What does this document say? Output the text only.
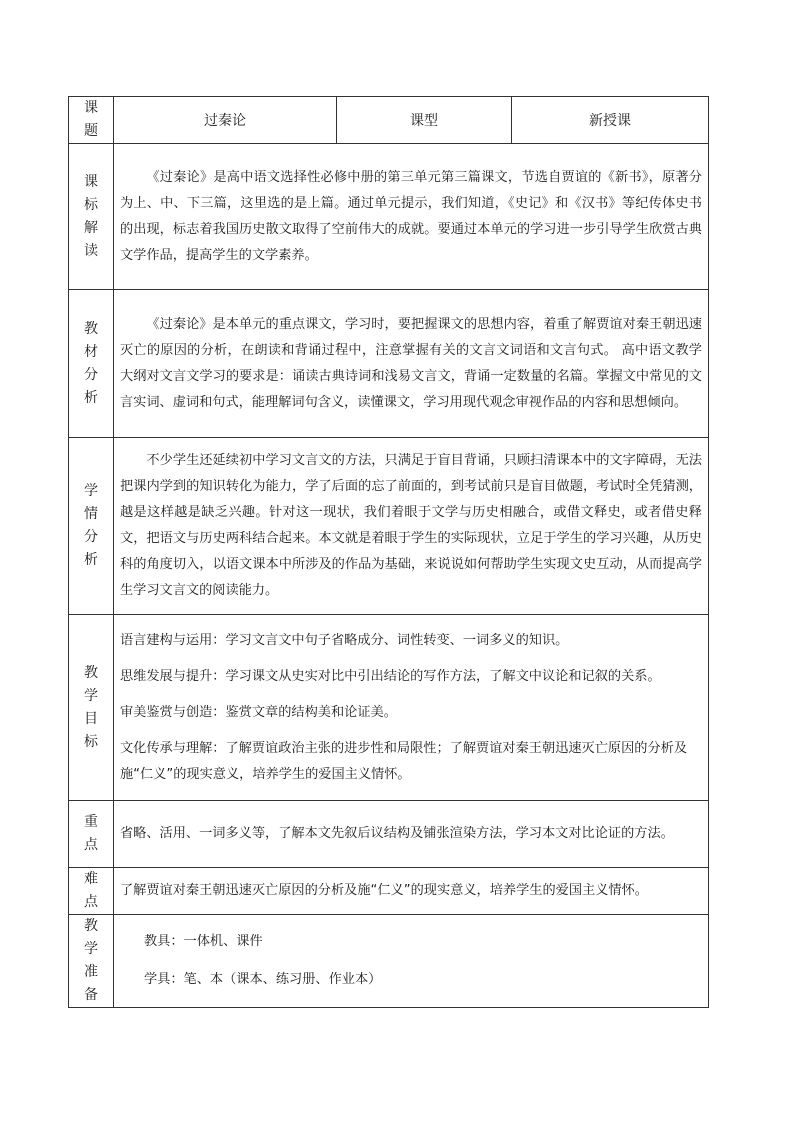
课题	过秦论	课型	新授课
课标解读	《过秦论》是高中语文选择性必修中册的第三单元第三篇课文，节选自贾谊的《新书》，原著分为上、中、下三篇，这里选的是上篇。通过单元提示，我们知道，《史记》和《汉书》等纪传体史书的出现，标志着我国历史散文取得了空前伟大的成就。要通过本单元的学习进一步引导学生欣赏古典文学作品，提高学生的文学素养。		

教材分析	《过秦论》是本单元的重点课文，学习时，要把握课文的思想内容，着重了解贾谊对秦王朝迅速灭亡的原因的分析，在朗读和背诵过程中，注意掌握有关的文言文词语和文言句式。 高中语文教学大纲对文言文学习的要求是：诵读古典诗词和浅易文言文，背诵一定数量的名篇。掌握文中常见的文言实词、虚词和句式，能理解词句含义，读懂课文，学习用现代观念审视作品的内容和思想倾向。		

学情分析	不少学生还延续初中学习文言文的方法，只满足于盲目背诵，只顾扫清课本中的文字障碍，无法把课内学到的知识转化为能力，学了后面的忘了前面的，到考试前只是盲目做题，考试时全凭猜测，越是这样越是缺乏兴趣。针对这一现状，我们着眼于文学与历史相融合，或借文释史，或者借史释文，把语文与历史两科结合起来。本文就是着眼于学生的实际现状，立足于学生的学习兴趣，从历史科的角度切入，以语文课本中所涉及的作品为基础，来说说如何帮助学生实现文史互动，从而提高学生学习文言文的阅读能力。		

教学目标	语言建构与运用：学习文言文中句子省略成分、词性转变、一词多义的知识。

思维发展与提升：学习课文从史实对比中引出结论的写作方法，了解文中议论和记叙的关系。

审美鉴赏与创造：鉴赏文章的结构美和论证美。

文化传承与理解：了解贾谊政治主张的进步性和局限性；了解贾谊对秦王朝迅速灭亡原因的分析及施“仁义”的现实意义，培养学生的爱国主义情怀。		

重点	省略、活用、一词多义等，了解本文先叙后议结构及铺张渲染方法，学习本文对比论证的方法。		

难点	了解贾谊对秦王朝迅速灭亡原因的分析及施“仁义”的现实意义，培养学生的爱国主义情怀。		

教学准备	教具：一体机、课件

学具：笔、本（课本、练习册、作业本）		
